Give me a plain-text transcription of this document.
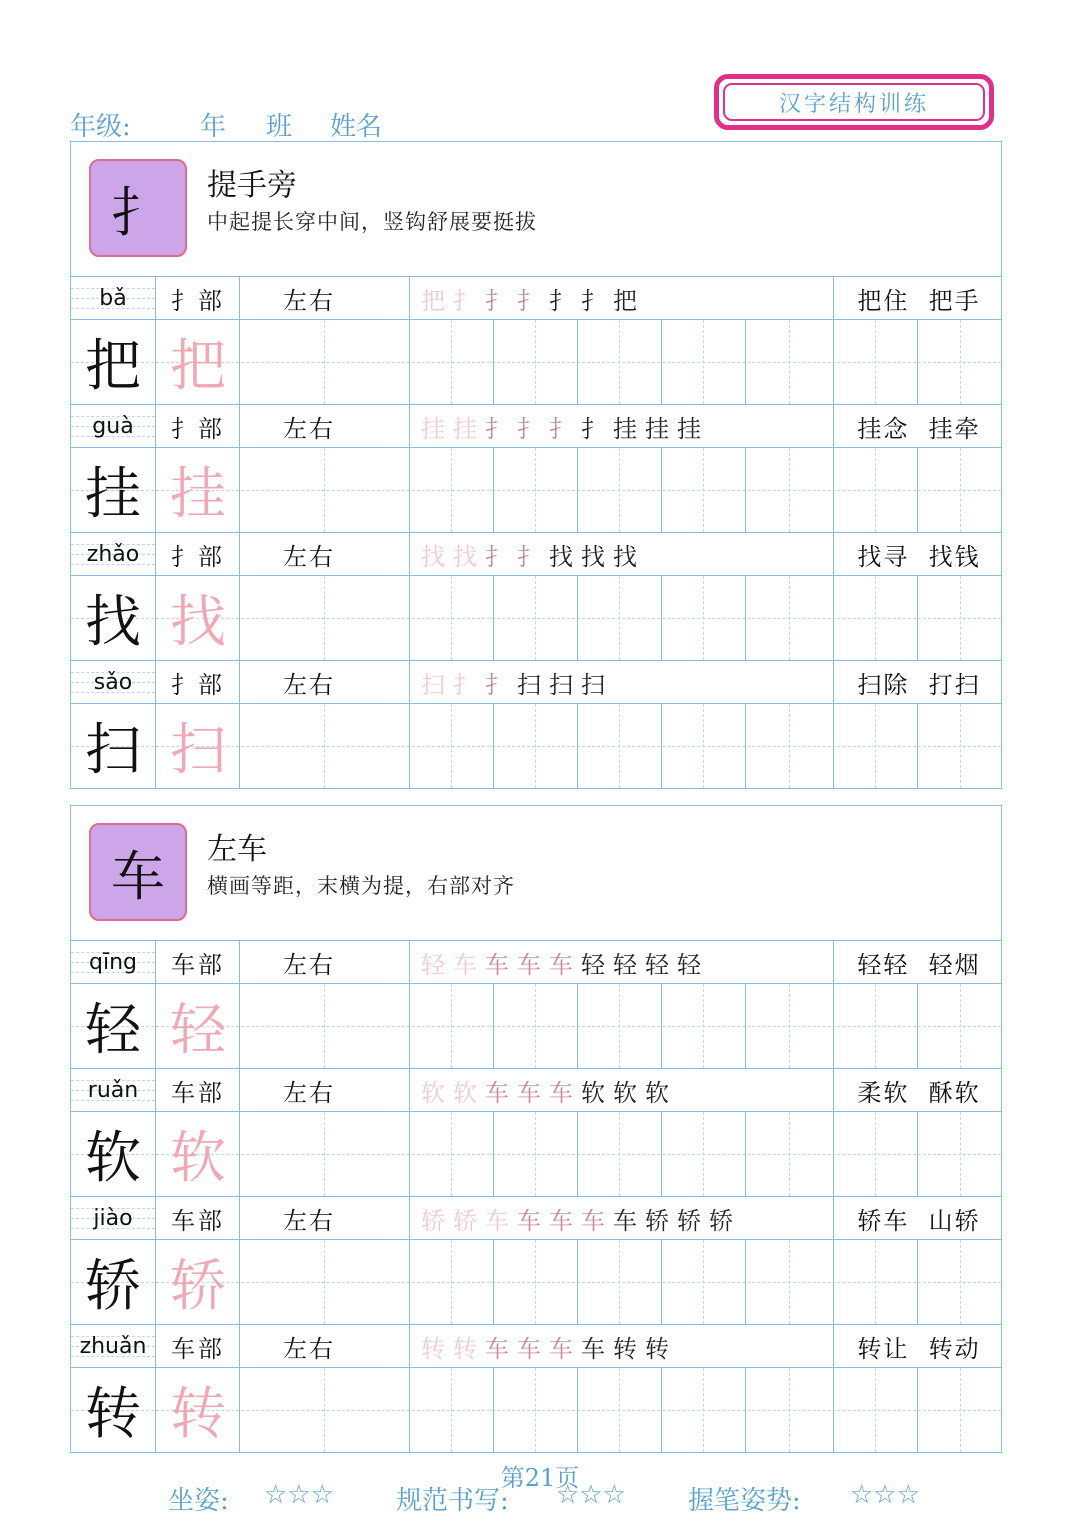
年级:	年 班 姓名
汉字结构训练
扌	提手旁
中起提长穿中间，竖钩舒展要挺拔
bǎ	扌部	左右	把 扌 扌 扌 扌 扌 把	把住  把手
把 把
guà	扌部	左右	挂 挂 扌 扌 扌 扌 挂 挂 挂	挂念  挂牵
挂 挂
zhǎo	扌部	左右	找 找 扌 扌 找 找 找	找寻  找钱
找 找
sǎo	扌部	左右	扫 扌 扌 扫 扫 扫	扫除  打扫
扫 扫
车	左车
横画等距，末横为提，右部对齐
qīng	车部	左右	轻 车 车 车 车 轻 轻 轻 轻	轻轻  轻烟
轻 轻
ruǎn	车部	左右	软 软 车 车 车 软 软 软	柔软  酥软
软 软
jiào	车部	左右	轿 轿 车 车 车 车 车 轿 轿 轿	轿车  山轿
轿 轿
zhuǎn	车部	左右	转 转 车 车 车 车 转 转	转让  转动
转 转
第21页
坐姿: ☆☆☆ 规范书写: ☆☆☆ 握笔姿势: ☆☆☆
